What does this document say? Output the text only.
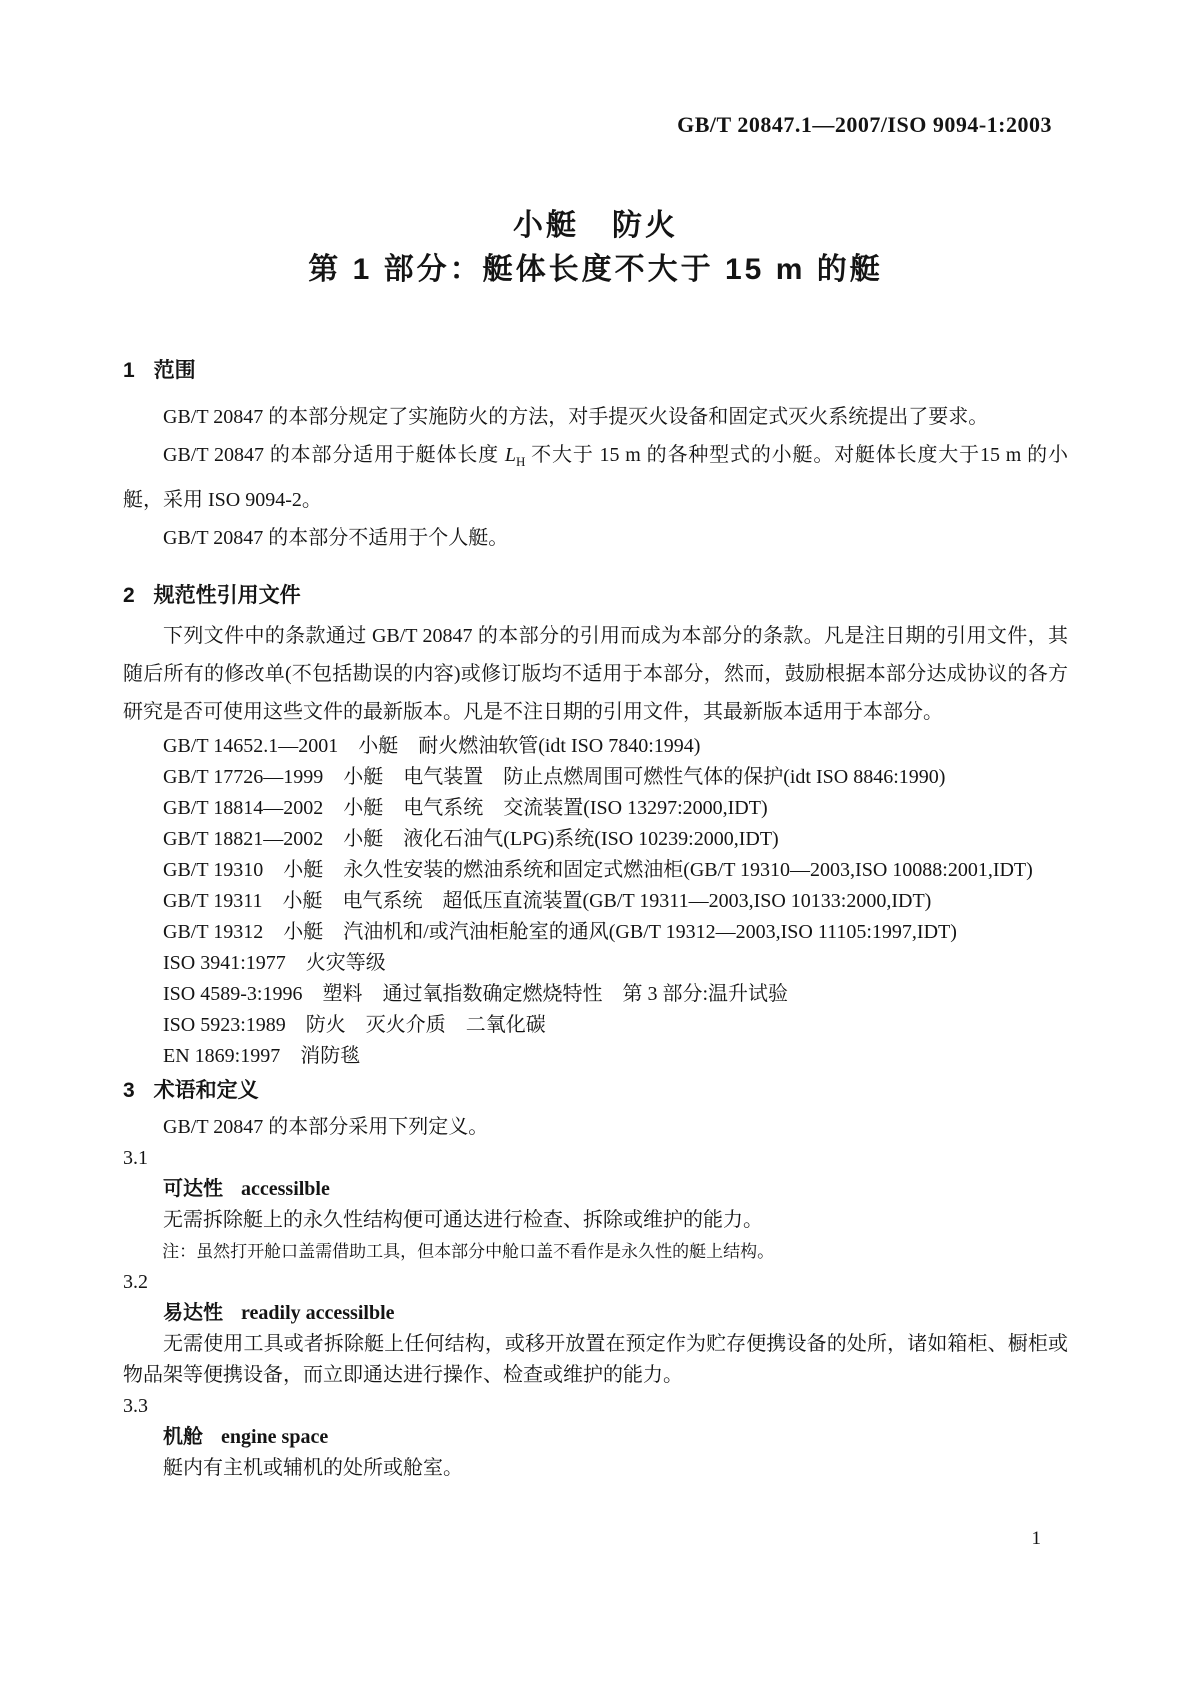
GB/T 20847.1—2007/ISO 9094-1:2003
小艇　防火
第 1 部分：艇体长度不大于 15 m 的艇
1 范围

GB/T 20847 的本部分规定了实施防火的方法，对手提灭火设备和固定式灭火系统提出了要求。

GB/T 20847 的本部分适用于艇体长度 $L_H$ 不大于 15 m 的各种型式的小艇。对艇体长度大于15 m 的小艇，采用 ISO 9094-2。

GB/T 20847 的本部分不适用于个人艇。

2 规范性引用文件

下列文件中的条款通过 GB/T 20847 的本部分的引用而成为本部分的条款。凡是注日期的引用文件，其随后所有的修改单(不包括勘误的内容)或修订版均不适用于本部分，然而，鼓励根据本部分达成协议的各方研究是否可使用这些文件的最新版本。凡是不注日期的引用文件，其最新版本适用于本部分。

GB/T 14652.1—2001　小艇　耐火燃油软管(idt ISO 7840:1994)

GB/T 17726—1999　小艇　电气装置　防止点燃周围可燃性气体的保护(idt ISO 8846:1990)

GB/T 18814—2002　小艇　电气系统　交流装置(ISO 13297:2000,IDT)

GB/T 18821—2002　小艇　液化石油气(LPG)系统(ISO 10239:2000,IDT)

GB/T 19310　小艇　永久性安装的燃油系统和固定式燃油柜(GB/T 19310—2003,ISO 10088:2001,IDT)

GB/T 19311　小艇　电气系统　超低压直流装置(GB/T 19311—2003,ISO 10133:2000,IDT)

GB/T 19312　小艇　汽油机和/或汽油柜舱室的通风(GB/T 19312—2003,ISO 11105:1997,IDT)

ISO 3941:1977　火灾等级

ISO 4589-3:1996　塑料　通过氧指数确定燃烧特性　第 3 部分:温升试验

ISO 5923:1989　防火　灭火介质　二氧化碳

EN 1869:1997　消防毯

3 术语和定义

GB/T 20847 的本部分采用下列定义。

3.1

可达性 accessilble

无需拆除艇上的永久性结构便可通达进行检查、拆除或维护的能力。

注：虽然打开舱口盖需借助工具，但本部分中舱口盖不看作是永久性的艇上结构。

3.2

易达性 readily accessilble

无需使用工具或者拆除艇上任何结构，或移开放置在预定作为贮存便携设备的处所，诸如箱柜、橱柜或物品架等便携设备，而立即通达进行操作、检查或维护的能力。

3.3

机舱 engine space

艇内有主机或辅机的处所或舱室。

1
